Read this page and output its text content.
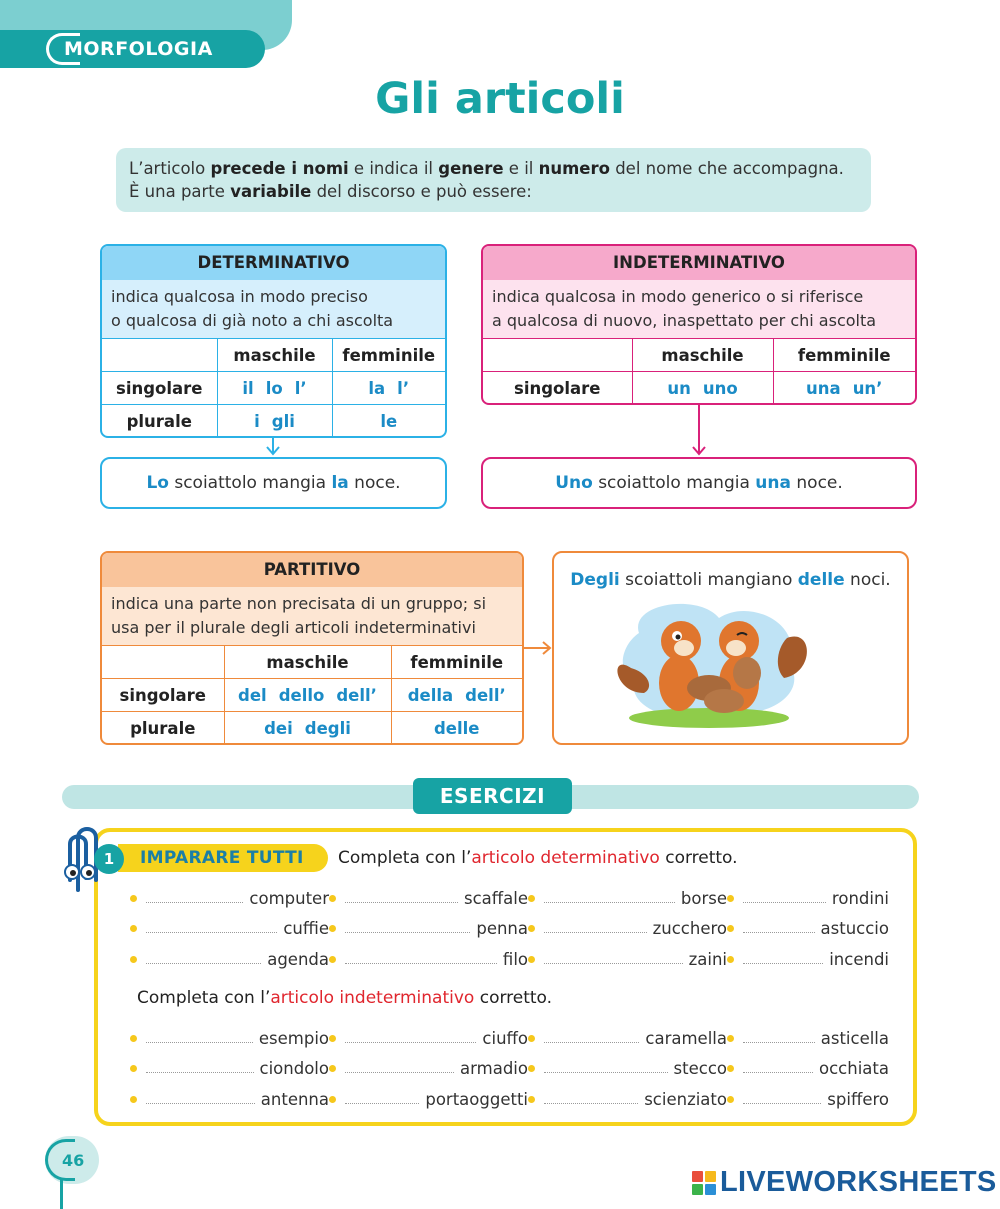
MORFOLOGIA
Gli articoli
L’articolo precede i nomi e indica il genere e il numero del nome che accompagna.
È una parte variabile del discorso e può essere:
DETERMINATIVO
indica qualcosa in modo preciso
o qualcosa di già noto a chi ascolta
	maschile	femminile
singolare	il lo l’	la l’
plurale	i gli	le
INDETERMINATIVO
indica qualcosa in modo generico o si riferisce
a qualcosa di nuovo, inaspettato per chi ascolta
	maschile	femminile
singolare	un uno	una un’
Lo scoiattolo mangia la noce.	Uno scoiattolo mangia una noce.
PARTITIVO
indica una parte non precisata di un gruppo; si
usa per il plurale degli articoli indeterminativi
	maschile	femminile
singolare	del dello dell’	della dell’
plurale	dei degli	delle
Degli scoiattoli mangiano delle noci.
ESERCIZI
IMPARARE TUTTI
1	Completa con l’articolo determinativo corretto.
computer	scaffale	borse	rondini
cuffie	penna	zucchero	astuccio
agenda	filo	zaini	incendi
Completa con l’articolo indeterminativo corretto.
esempio	ciuffo	caramella	asticella
ciondolo	armadio	stecco	occhiata
antenna	portaoggetti	scienziato	spiffero
46
LIVEWORKSHEETS
